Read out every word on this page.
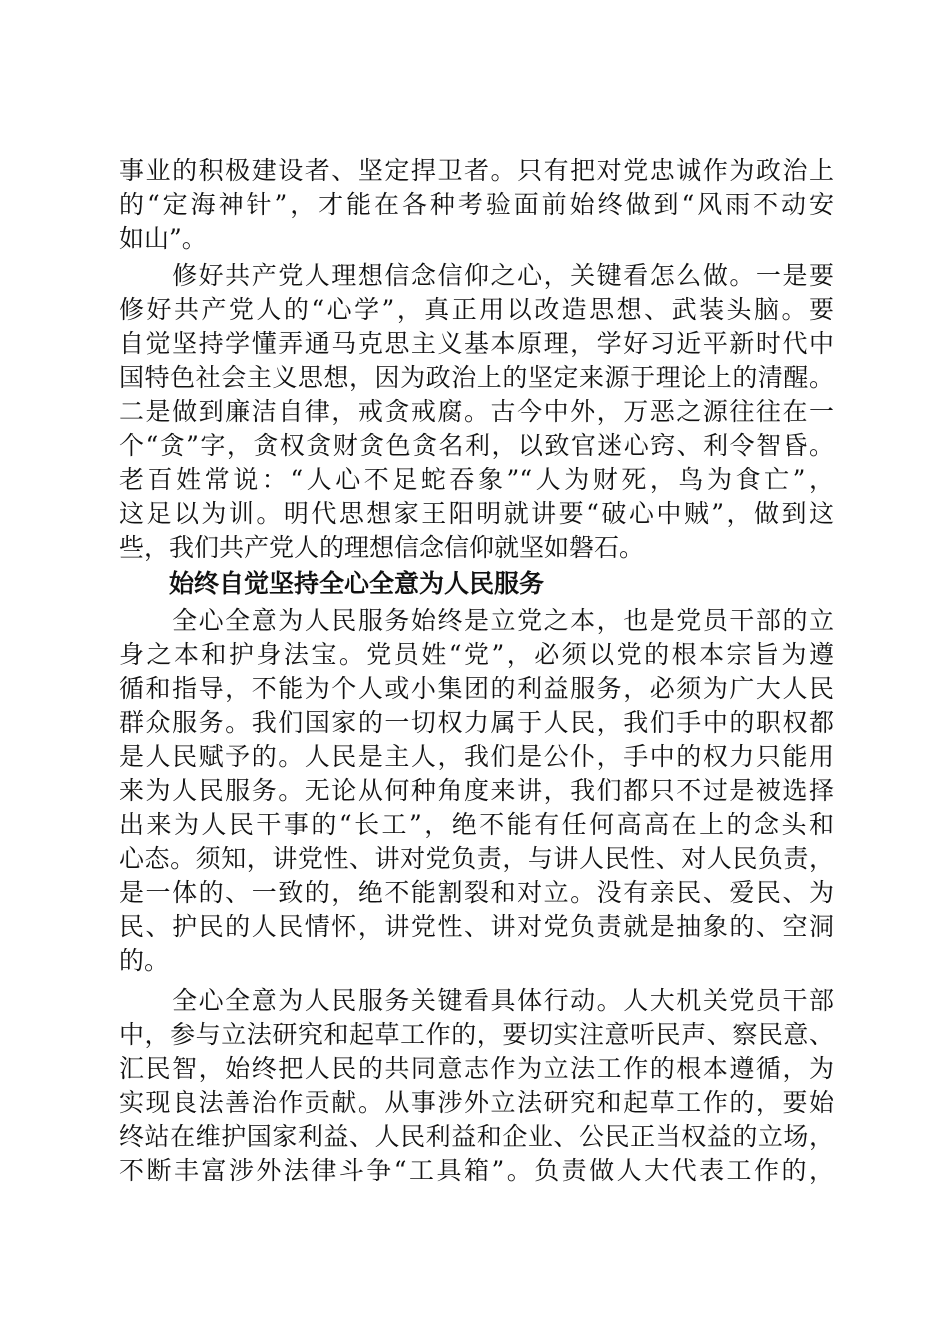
事业的积极建设者、坚定捍卫者。只有把对党忠诚作为政治上
的“定海神针”，才能在各种考验面前始终做到“风雨不动安
如山”。
　　修好共产党人理想信念信仰之心，关键看怎么做。一是要
修好共产党人的“心学”，真正用以改造思想、武装头脑。要
自觉坚持学懂弄通马克思主义基本原理，学好习近平新时代中
国特色社会主义思想，因为政治上的坚定来源于理论上的清醒。
二是做到廉洁自律，戒贪戒腐。古今中外，万恶之源往往在一
个“贪”字，贪权贪财贪色贪名利，以致官迷心窍、利令智昏。
老百姓常说：“人心不足蛇吞象”“人为财死，鸟为食亡”，
这足以为训。明代思想家王阳明就讲要“破心中贼”，做到这
些，我们共产党人的理想信念信仰就坚如磐石。
始终自觉坚持全心全意为人民服务
　　全心全意为人民服务始终是立党之本，也是党员干部的立
身之本和护身法宝。党员姓“党”，必须以党的根本宗旨为遵
循和指导，不能为个人或小集团的利益服务，必须为广大人民
群众服务。我们国家的一切权力属于人民，我们手中的职权都
是人民赋予的。人民是主人，我们是公仆，手中的权力只能用
来为人民服务。无论从何种角度来讲，我们都只不过是被选择
出来为人民干事的“长工”，绝不能有任何高高在上的念头和
心态。须知，讲党性、讲对党负责，与讲人民性、对人民负责，
是一体的、一致的，绝不能割裂和对立。没有亲民、爱民、为
民、护民的人民情怀，讲党性、讲对党负责就是抽象的、空洞
的。
　　全心全意为人民服务关键看具体行动。人大机关党员干部
中，参与立法研究和起草工作的，要切实注意听民声、察民意、
汇民智，始终把人民的共同意志作为立法工作的根本遵循，为
实现良法善治作贡献。从事涉外立法研究和起草工作的，要始
终站在维护国家利益、人民利益和企业、公民正当权益的立场，
不断丰富涉外法律斗争“工具箱”。负责做人大代表工作的，
